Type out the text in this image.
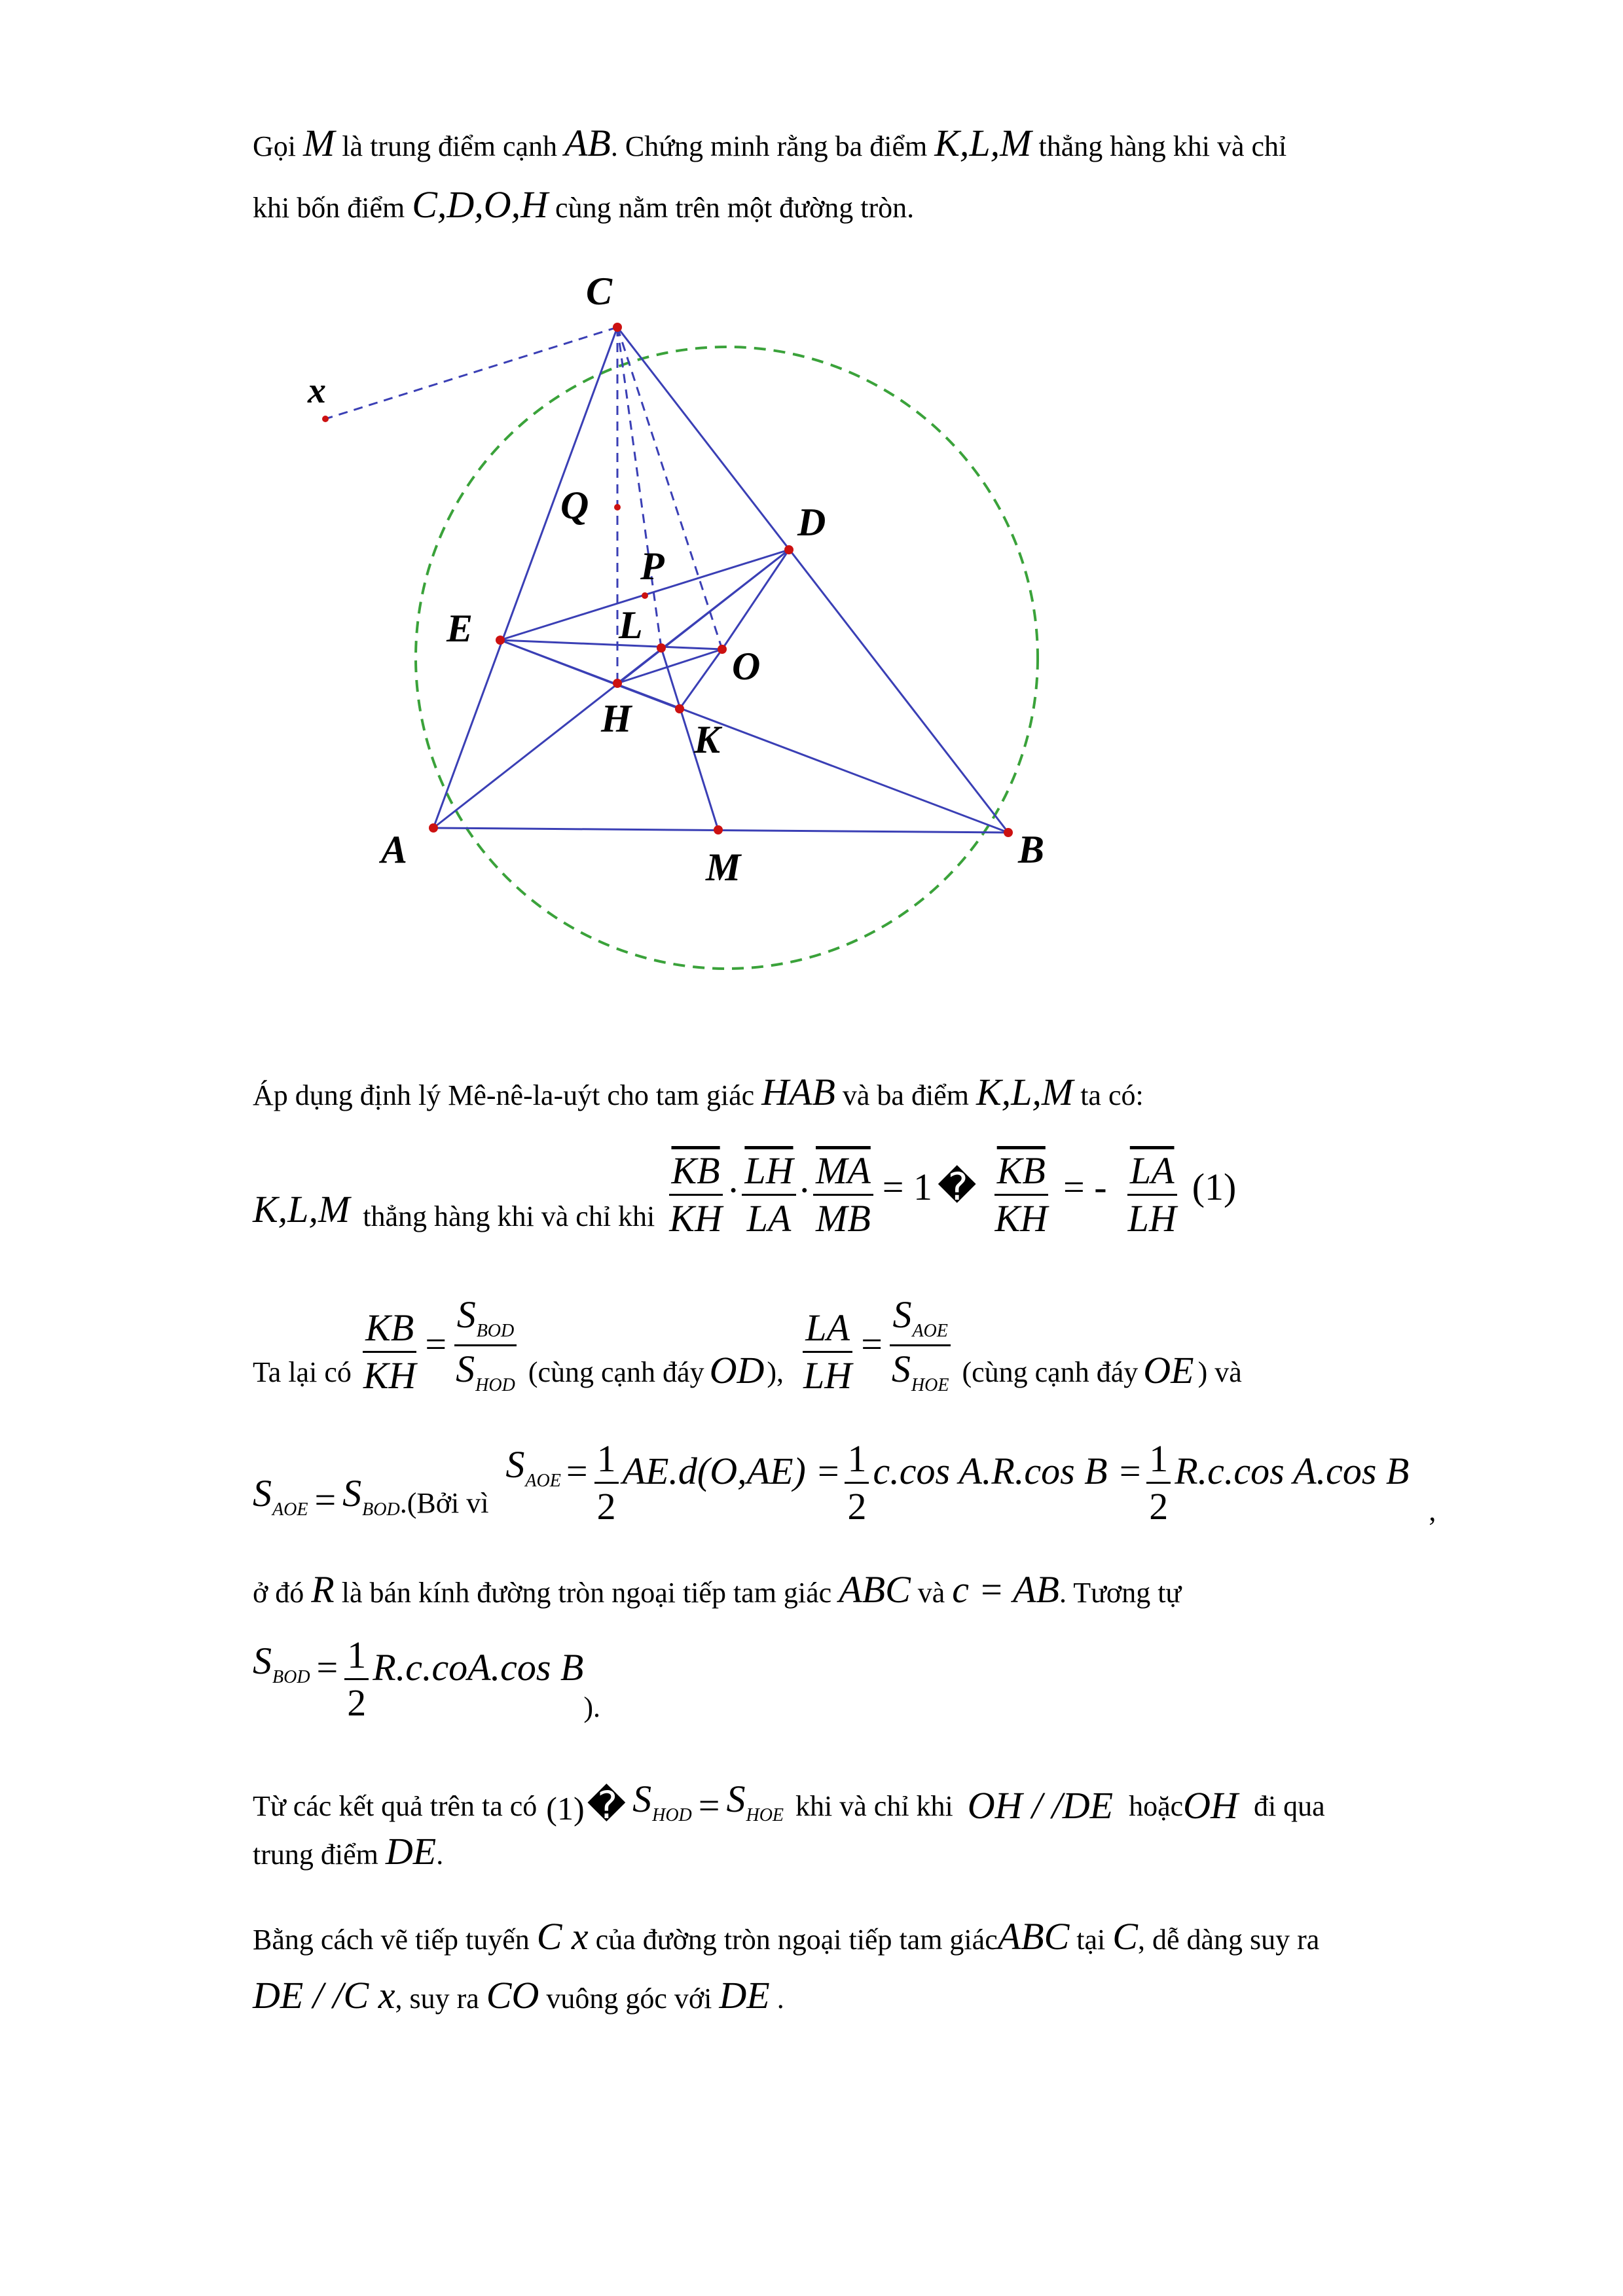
Gọi M là trung điểm cạnh AB. Chứng minh rằng ba điểm K,L,M thẳng hàng khi và chỉ
khi bốn điểm C,D,O,H cùng nằm trên một đường tròn.
C
x
Q	D
P
E	L
O
H K
A	M	B
Áp dụng định lý Mê-nê-la-uýt cho tam giác HAB và ba điểm K,L,M ta có:
K,L,M thẳng hàng khi và chỉ khi $\frac{\overline{KB}}{KH}$ . $\frac{\overline{LH}}{LA}$ . $\frac{\overline{MA}}{MB} = 1$ � $\frac{\overline{KB}}{KH}$ = - $\frac{\overline{LA}}{LH} (1)$
Ta lại có $\frac{KB}{KH} = \frac{S_{BOD}}{S_{HOD}}$ (cùng cạnh đáy OD ), $\frac{LA}{LH} = \frac{S_{AOE}}{S_{HOE}}$ (cùng cạnh đáy OE ) và
$S_{AOE} = S_{BOD}$ .(Bởi vì
$S_{AOE} = \frac{1}{2} AE.d(O,AE) = \frac{1}{2} c.\cos$ A.R.cos $B = \frac{1}{2} R.c.\cos$ A.cos B
,
ở đó R là bán kính đường tròn ngoại tiếp tam giác ABC và c = AB. Tương tự
$S_{BOD} = \frac{1}{2} R.c.coA.\cos$ B
).
Từ các kết quả trên ta có (1) � $S_{HOD} = S_{HOE}$ khi và chỉ khi OH / /DE hoặc OH đi qua
trung điểm DE.
Bằng cách vẽ tiếp tuyến C x của đường tròn ngoại tiếp tam giácABC tại C, dễ dàng suy ra
DE / /C x, suy ra CO vuông góc với DE .
